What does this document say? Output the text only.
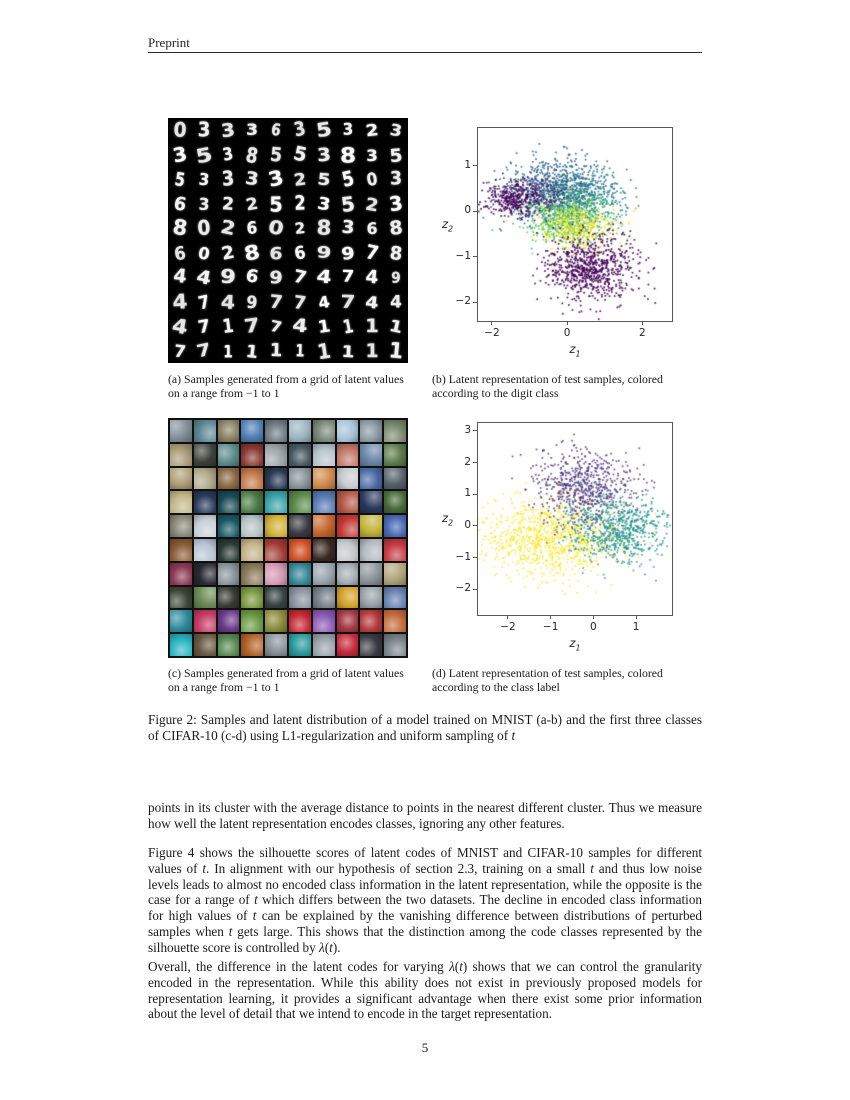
Preprint
0 3 3 3 6 3 5 3 2 3
3 5 3 8 5 5 3 8 3 5
5 3 3 3 3 2 5 5 0 3
6 3 2 2 5 2 3 5 2 3
8 0 2 6 0 2 8 3 6 8
6 0 2 8 6 6 9 9 7 8
4 4 9 6 9 7 4 7 4 9
4 7 4 9 7 7 4 7 4 4
4 7 1 7 7 4 1 1 1 1
7 7 1 1 1 1 1 1 1 1
−2	0	2
−2
−1
0
1
$z_1$
$z_2$
(a) Samples generated from a grid of latent values on a range from −1 to 1
(b) Latent representation of test samples, colored according to the digit class
−2	−1	0	1
−2
−1
0
1
2
3
$z_1$
$z_2$
(c) Samples generated from a grid of latent values on a range from −1 to 1
(d) Latent representation of test samples, colored according to the class label
Figure 2: Samples and latent distribution of a model trained on MNIST (a-b) and the first three classes of CIFAR-10 (c-d) using L1-regularization and uniform sampling of t
points in its cluster with the average distance to points in the nearest different cluster. Thus we measure how well the latent representation encodes classes, ignoring any other features.
Figure 4 shows the silhouette scores of latent codes of MNIST and CIFAR-10 samples for different values of t. In alignment with our hypothesis of section 2.3, training on a small t and thus low noise levels leads to almost no encoded class information in the latent representation, while the opposite is the case for a range of t which differs between the two datasets. The decline in encoded class information for high values of t can be explained by the vanishing difference between distributions of perturbed samples when t gets large. This shows that the distinction among the code classes represented by the silhouette score is controlled by λ(t).
Overall, the difference in the latent codes for varying λ(t) shows that we can control the granularity encoded in the representation. While this ability does not exist in previously proposed models for representation learning, it provides a significant advantage when there exist some prior information about the level of detail that we intend to encode in the target representation.
5
